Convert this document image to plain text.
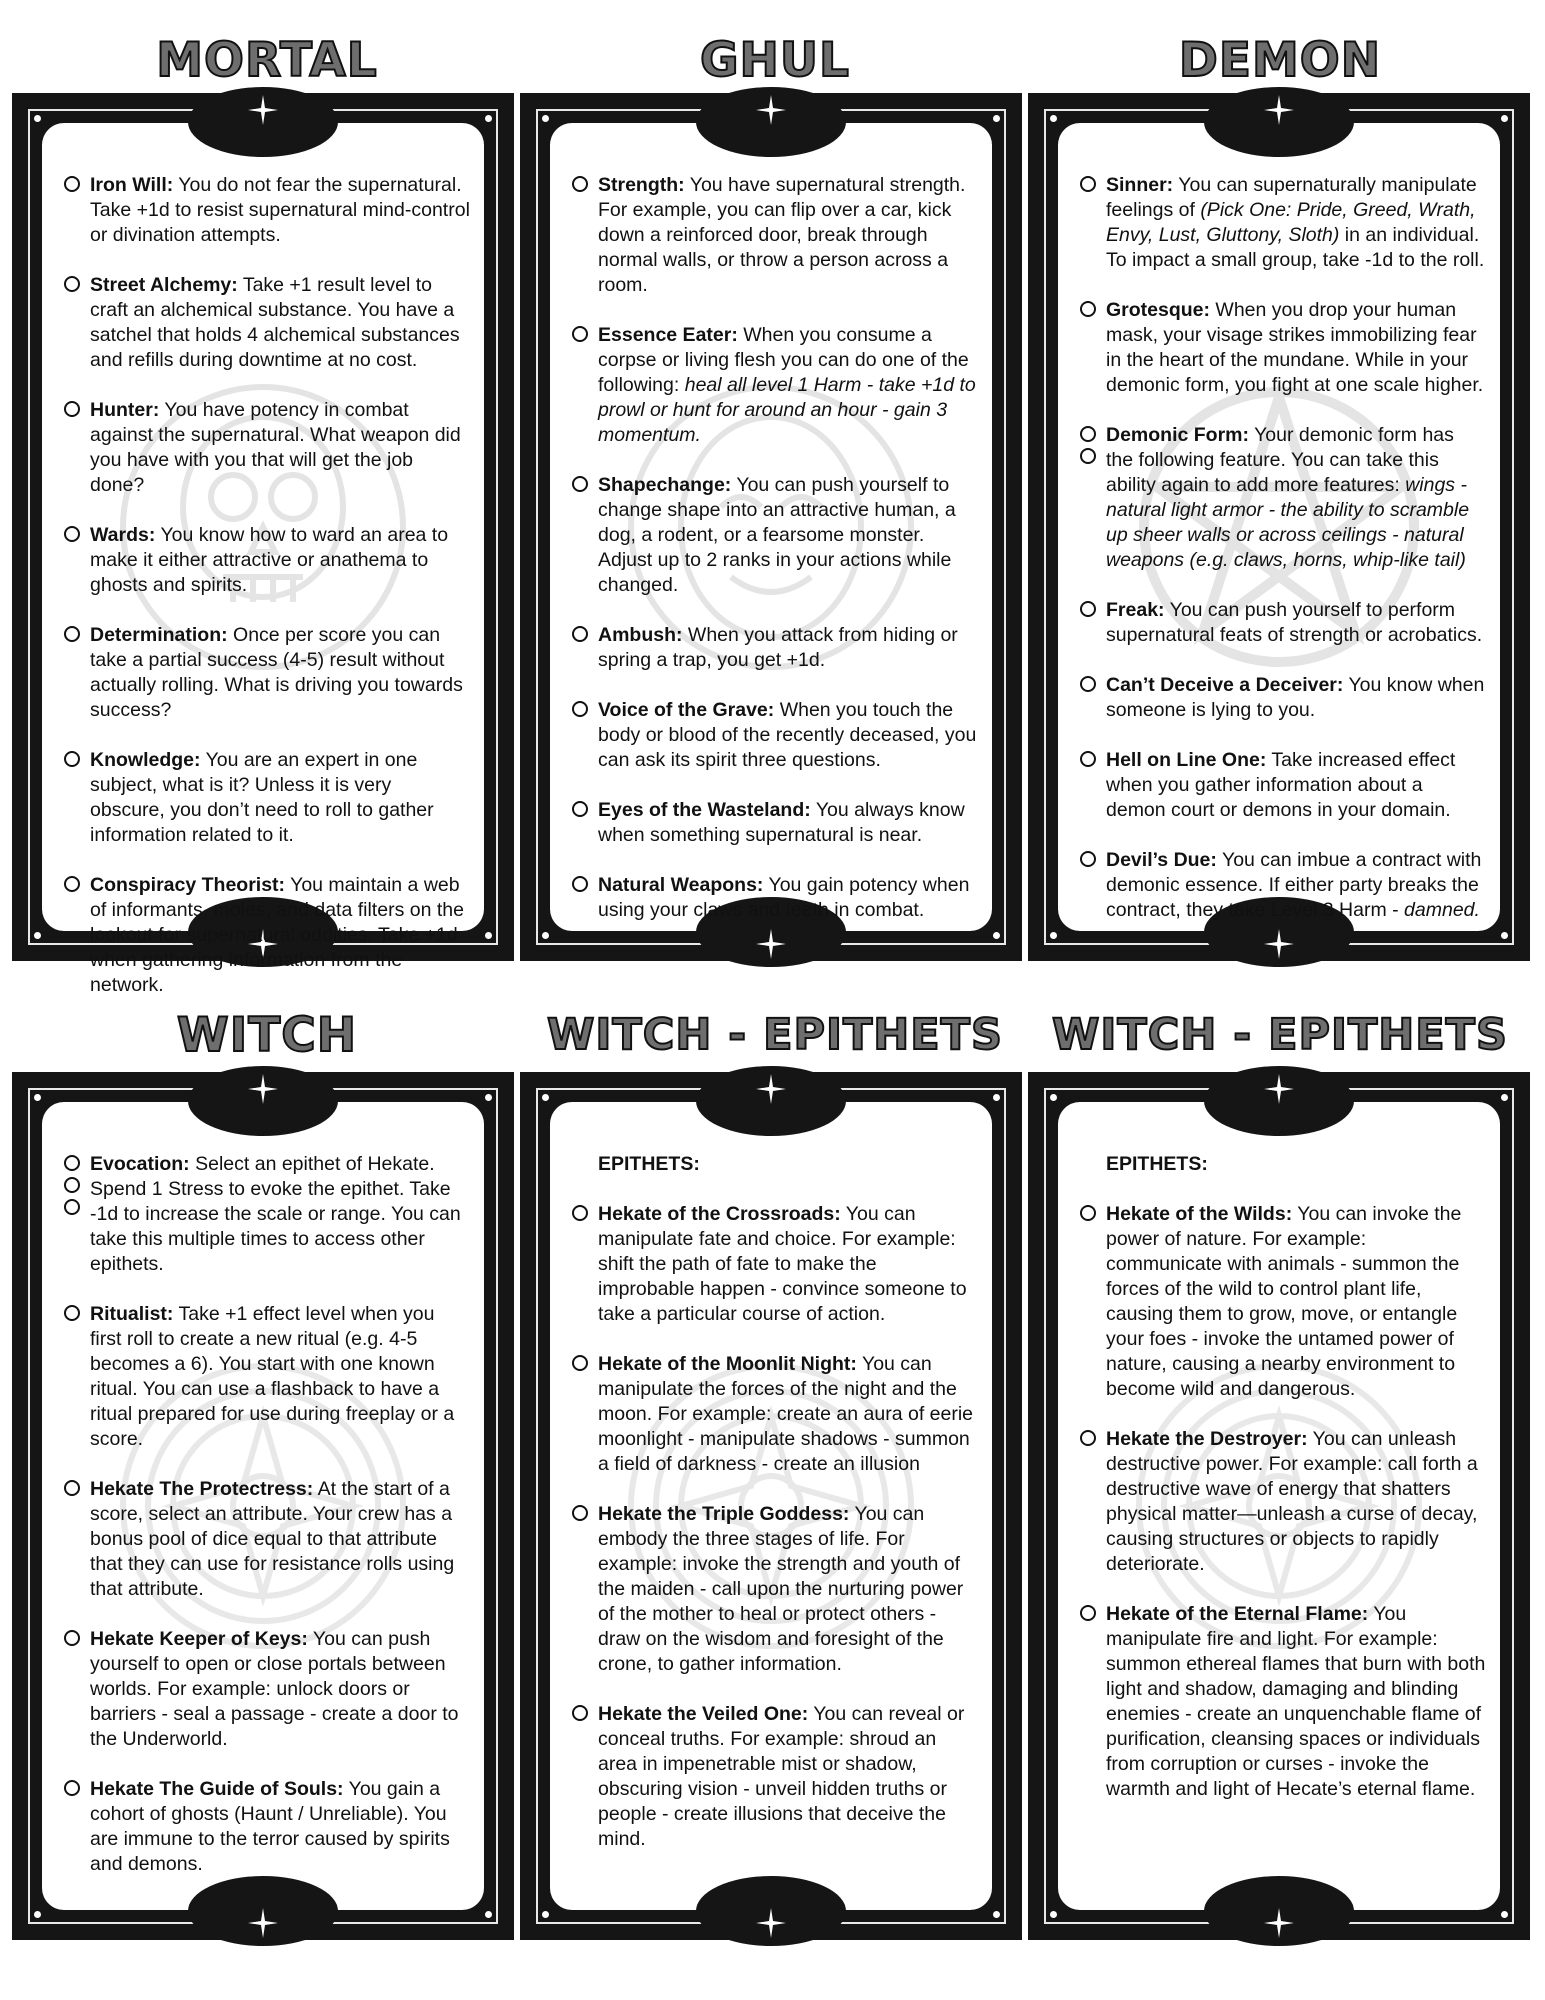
MORTAL	GHUL	DEMON
WITCH	WITCH - EPITHETS	WITCH - EPITHETS
Iron Will: You do not fear the supernatural. Take +1d to resist supernatural mind-control or divination attempts.
Street Alchemy: Take +1 result level to craft an alchemical substance. You have a satchel that holds 4 alchemical substances and refills during downtime at no cost.
Hunter: You have potency in combat against the supernatural. What weapon did you have with you that will get the job done?
Wards: You know how to ward an area to make it either attractive or anathema to ghosts and spirits.
Determination: Once per score you can take a partial success (4-5) result without actually rolling. What is driving you towards success?
Knowledge: You are an expert in one subject, what is it? Unless it is very obscure, you don’t need to roll to gather information related to it.
Conspiracy Theorist: You maintain a web of informants, moles, and data filters on the lookout for supernatural oddities. Take +1d when gathering information from the network.
Strength: You have supernatural strength. For example, you can flip over a car, kick down a reinforced door, break through normal walls, or throw a person across a room.
Essence Eater: When you consume a corpse or living flesh you can do one of the following: heal all level 1 Harm - take +1d to prowl or hunt for around an hour - gain 3 momentum.
Shapechange: You can push yourself to change shape into an attractive human, a dog, a rodent, or a fearsome monster. Adjust up to 2 ranks in your actions while changed.
Ambush: When you attack from hiding or spring a trap, you get +1d.
Voice of the Grave: When you touch the body or blood of the recently deceased, you can ask its spirit three questions.
Eyes of the Wasteland: You always know when something supernatural is near.
Natural Weapons: You gain potency when using your claws and teeth in combat.
Sinner: You can supernaturally manipulate feelings of (Pick One: Pride, Greed, Wrath, Envy, Lust, Gluttony, Sloth) in an individual. To impact a small group, take -1d to the roll.
Grotesque: When you drop your human mask, your visage strikes immobilizing fear in the heart of the mundane. While in your demonic form, you fight at one scale higher.
Demonic Form: Your demonic form has the following feature. You can take this ability again to add more features: wings - natural light armor - the ability to scramble up sheer walls or across ceilings - natural weapons (e.g. claws, horns, whip-like tail)
Freak: You can push yourself to perform supernatural feats of strength or acrobatics.
Can’t Deceive a Deceiver: You know when someone is lying to you.
Hell on Line One: Take increased effect when you gather information about a demon court or demons in your domain.
Devil’s Due: You can imbue a contract with demonic essence. If either party breaks the contract, they take Level 3 Harm - damned.
Evocation: Select an epithet of Hekate. Spend 1 Stress to evoke the epithet. Take -1d to increase the scale or range. You can take this multiple times to access other epithets.
Ritualist: Take +1 effect level when you first roll to create a new ritual (e.g. 4-5 becomes a 6). You start with one known ritual. You can use a flashback to have a ritual prepared for use during freeplay or a score.
Hekate The Protectress: At the start of a score, select an attribute. Your crew has a bonus pool of dice equal to that attribute that they can use for resistance rolls using that attribute.
Hekate Keeper of Keys: You can push yourself to open or close portals between worlds. For example: unlock doors or barriers - seal a passage - create a door to the Underworld.
Hekate The Guide of Souls: You gain a cohort of ghosts (Haunt / Unreliable). You are immune to the terror caused by spirits and demons.
EPITHETS:
Hekate of the Crossroads: You can manipulate fate and choice. For example: shift the path of fate to make the improbable happen - convince someone to take a particular course of action.
Hekate of the Moonlit Night: You can manipulate the forces of the night and the moon. For example: create an aura of eerie moonlight - manipulate shadows - summon a field of darkness - create an illusion
Hekate the Triple Goddess: You can embody the three stages of life. For example: invoke the strength and youth of the maiden - call upon the nurturing power of the mother to heal or protect others - draw on the wisdom and foresight of the crone, to gather information.
Hekate the Veiled One: You can reveal or conceal truths. For example: shroud an area in impenetrable mist or shadow, obscuring vision - unveil hidden truths or people - create illusions that deceive the mind.
EPITHETS:
Hekate of the Wilds: You can invoke the power of nature. For example: communicate with animals - summon the forces of the wild to control plant life, causing them to grow, move, or entangle your foes - invoke the untamed power of nature, causing a nearby environment to become wild and dangerous.
Hekate the Destroyer: You can unleash destructive power. For example: call forth a destructive wave of energy that shatters physical matter—unleash a curse of decay, causing structures or objects to rapidly deteriorate.
Hekate of the Eternal Flame: You manipulate fire and light. For example: summon ethereal flames that burn with both light and shadow, damaging and blinding enemies - create an unquenchable flame of purification, cleansing spaces or individuals from corruption or curses - invoke the warmth and light of Hecate’s eternal flame.
